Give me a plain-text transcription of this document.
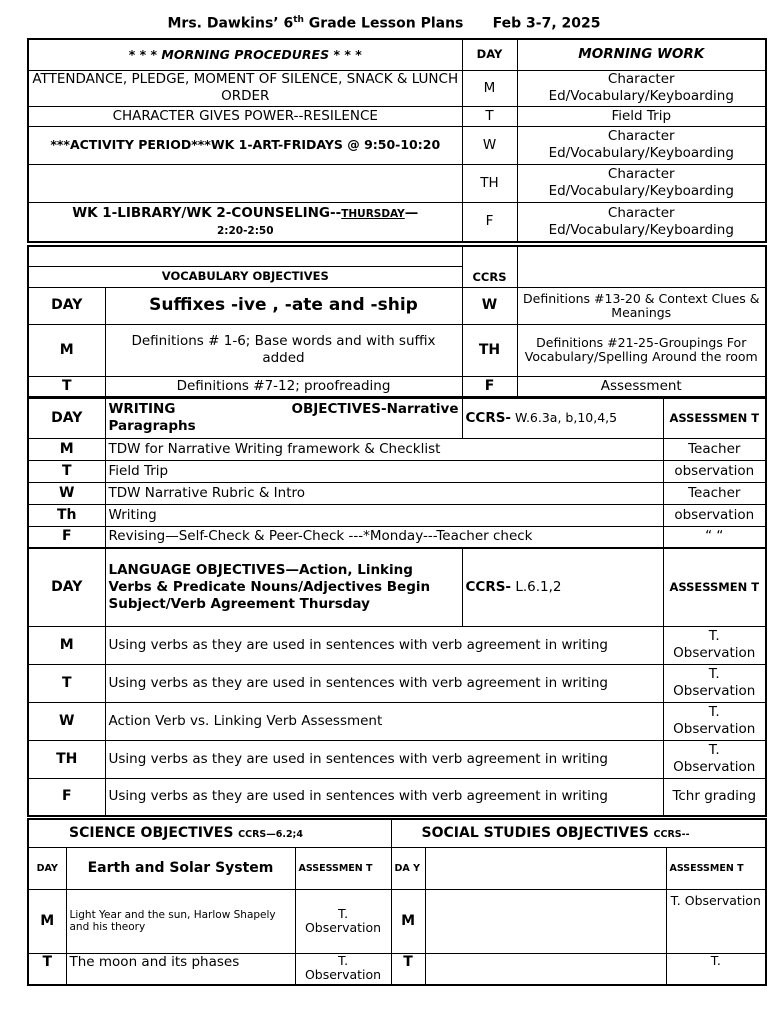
Mrs. Dawkins’ 6th Grade Lesson Plans Feb 3-7, 2025
* * * MORNING PROCEDURES * * *	DAY	MORNING WORK
ATTENDANCE, PLEDGE, MOMENT OF SILENCE, SNACK & LUNCH ORDER	M	Character Ed/Vocabulary/Keyboarding
CHARACTER GIVES POWER--RESILENCE	T	Field Trip
***ACTIVITY PERIOD***WK 1-ART-FRIDAYS @ 9:50-10:20	W	Character Ed/Vocabulary/Keyboarding
	TH	Character Ed/Vocabulary/Keyboarding
WK 1-LIBRARY/WK 2-COUNSELING--THURSDAY—
2:20-2:50	F	Character Ed/Vocabulary/Keyboarding
		CCRS	
VOCABULARY OBJECTIVES			
DAY	Suffixes -ive , -ate and -ship	W	Definitions #13-20 & Context Clues & Meanings
M	Definitions # 1-6; Base words and with suffix added	TH	Definitions #21-25-Groupings For Vocabulary/Spelling Around the room
T	Definitions #7-12; proofreading	F	Assessment
DAY	WRITING OBJECTIVES-Narrative
Paragraphs	CCRS- W.6.3a, b,10,4,5	ASSESSMEN T
M	TDW for Narrative Writing framework & Checklist		Teacher
T	Field Trip		observation
W	TDW Narrative Rubric & Intro		Teacher
Th	Writing		observation
F	Revising—Self-Check & Peer-Check ---*Monday---Teacher check		“ “
DAY	LANGUAGE OBJECTIVES—Action, Linking Verbs & Predicate Nouns/Adjectives Begin Subject/Verb Agreement Thursday	CCRS- L.6.1,2	ASSESSMEN T
M	Using verbs as they are used in sentences with verb agreement in writing		T. Observation
T	Using verbs as they are used in sentences with verb agreement in writing		T. Observation
W	Action Verb vs. Linking Verb Assessment		T. Observation
TH	Using verbs as they are used in sentences with verb agreement in writing		T. Observation
F	Using verbs as they are used in sentences with verb agreement in writing		Tchr grading
SCIENCE OBJECTIVES CCRS—6.2;4			SOCIAL STUDIES OBJECTIVES CCRS--		
DAY	Earth and Solar System	ASSESSMEN T	DA Y		ASSESSMEN T
M	Light Year and the sun, Harlow Shapely and his theory	T. Observation	M		T. Observation
T	The moon and its phases	T. Observation	T		T.
